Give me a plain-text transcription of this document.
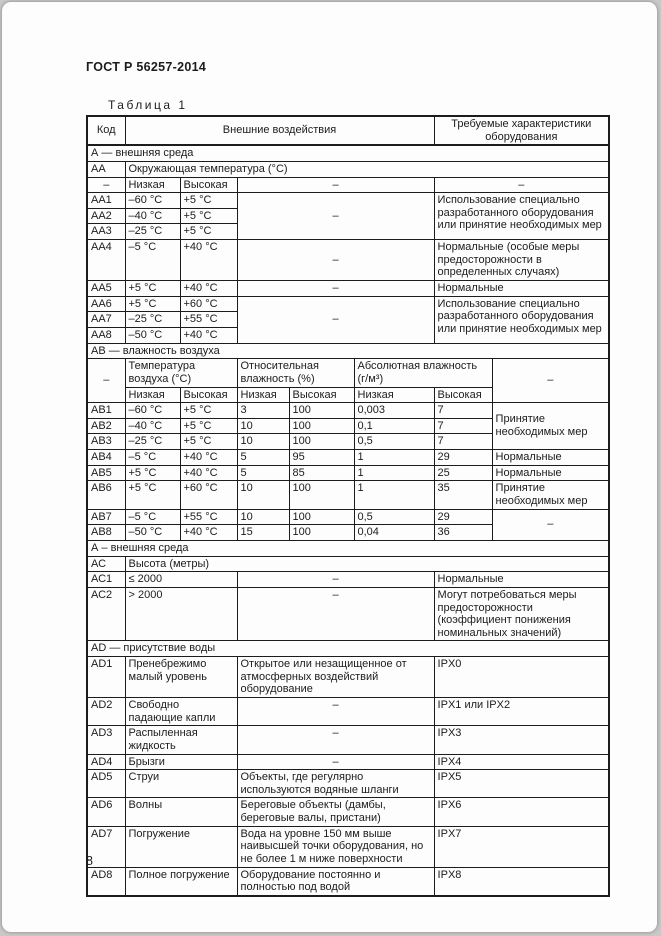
ГОСТ Р 56257-2014
Таблица 1
Код	Внешние воздействия					Требуемые характеристики оборудования	
А — внешняя среда							
АА	Окружающая температура (°С)						
–	Низкая	Высокая	–			–	
АА1	–60 °С	+5 °С	–			Использование специально разработанного оборудования или принятие необходимых мер	
АА2	–40 °С	+5 °С					
АА3	–25 °С	+5 °С					
АА4	–5 °С	+40 °С	–			Нормальные (особые меры предосторожности в определенных случаях)	
АА5	+5 °С	+40 °С	–			Нормальные	
АА6	+5 °С	+60 °С	–			Использование специально разработанного оборудования или принятие необходимых мер	
АА7	–25 °С	+55 °С					
АА8	–50 °С	+40 °С					
АВ — влажность воздуха							
–	Температура воздуха (°С)		Относительная влажность (%)		Абсолютная влажность (г/м³)		–
	Низкая	Высокая	Низкая	Высокая	Низкая	Высокая	
АВ1	–60 °С	+5 °С	3	100	0,003	7	Принятие необходимых мер
АВ2	–40 °С	+5 °С	10	100	0,1	7	
АВ3	–25 °С	+5 °С	10	100	0,5	7	
АВ4	–5 °С	+40 °С	5	95	1	29	Нормальные
АВ5	+5 °С	+40 °С	5	85	1	25	Нормальные
АВ6	+5 °С	+60 °С	10	100	1	35	Принятие необходимых мер
АВ7	–5 °С	+55 °С	10	100	0,5	29	–
АВ8	–50 °С	+40 °С	15	100	0,04	36	
А – внешняя среда							
АС	Высота (метры)						
АС1	≤ 2000		–			Нормальные	
АС2	> 2000		–			Могут потребоваться меры предосторожности (коэффициент понижения номинальных значений)	
AD — присутствие воды							
AD1	Пренебрежимо малый уровень		Открытое или незащищенное от атмосферных воздействий оборудование			IPX0	
AD2	Свободно падающие капли		–			IPX1 или IPX2	
AD3	Распыленная жидкость		–			IPX3	
AD4	Брызги		–			IPX4	
AD5	Струи		Объекты, где регулярно используются водяные шланги			IPX5	
AD6	Волны		Береговые объекты (дамбы, береговые валы, пристани)			IPX6	
AD7	Погружение		Вода на уровне 150 мм выше наивысшей точки оборудования, но не более 1 м ниже поверхности			IPX7	
AD8	Полное погружение		Оборудование постоянно и полностью под водой			IPX8	
8
